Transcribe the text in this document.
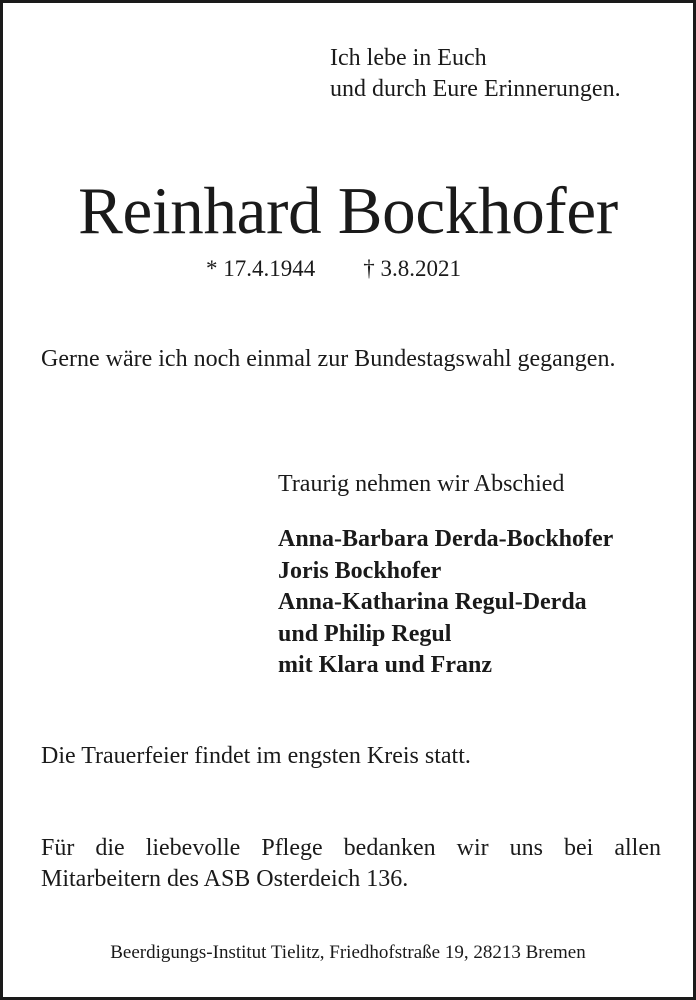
Ich lebe in Euch
und durch Eure Erinnerungen.
Reinhard Bockhofer
* 17.4.1944 † 3.8.2021
Gerne wäre ich noch einmal zur Bundestagswahl gegangen.
Traurig nehmen wir Abschied
Anna-Barbara Derda-Bockhofer
Joris Bockhofer
Anna-Katharina Regul-Derda
und Philip Regul
mit Klara und Franz
Die Trauerfeier findet im engsten Kreis statt.
Für die liebevolle Pflege bedanken wir uns bei allen Mitarbeitern des ASB Osterdeich 136.
Beerdigungs-Institut Tielitz, Friedhofstraße 19, 28213 Bremen
